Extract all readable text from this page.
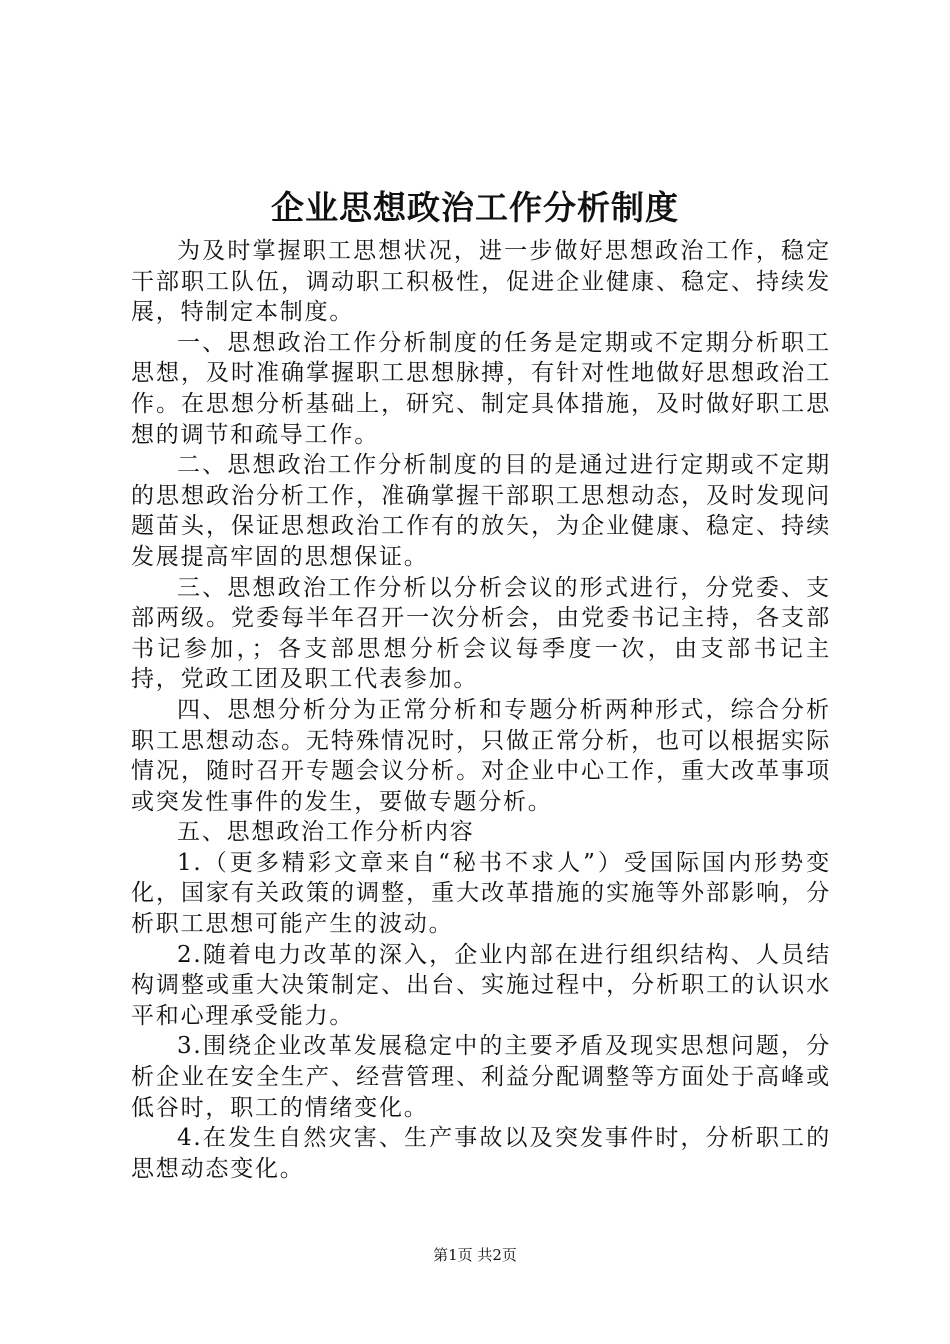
企业思想政治工作分析制度

为及时掌握职工思想状况，进一步做好思想政治工作，稳定干部职工队伍，调动职工积极性，促进企业健康、稳定、持续发展，特制定本制度。

一、思想政治工作分析制度的任务是定期或不定期分析职工思想，及时准确掌握职工思想脉搏，有针对性地做好思想政治工作。在思想分析基础上，研究、制定具体措施，及时做好职工思想的调节和疏导工作。

二、思想政治工作分析制度的目的是通过进行定期或不定期的思想政治分析工作，准确掌握干部职工思想动态，及时发现问题苗头，保证思想政治工作有的放矢，为企业健康、稳定、持续发展提高牢固的思想保证。

三、思想政治工作分析以分析会议的形式进行，分党委、支部两级。党委每半年召开一次分析会，由党委书记主持，各支部书记参加，；各支部思想分析会议每季度一次，由支部书记主持，党政工团及职工代表参加。

四、思想分析分为正常分析和专题分析两种形式，综合分析职工思想动态。无特殊情况时，只做正常分析，也可以根据实际情况，随时召开专题会议分析。对企业中心工作，重大改革事项或突发性事件的发生，要做专题分析。

五、思想政治工作分析内容

1.（更多精彩文章来自“秘书不求人”）受国际国内形势变化，国家有关政策的调整，重大改革措施的实施等外部影响，分析职工思想可能产生的波动。

2.随着电力改革的深入，企业内部在进行组织结构、人员结构调整或重大决策制定、出台、实施过程中，分析职工的认识水平和心理承受能力。

3.围绕企业改革发展稳定中的主要矛盾及现实思想问题，分析企业在安全生产、经营管理、利益分配调整等方面处于高峰或低谷时，职工的情绪变化。

4.在发生自然灾害、生产事故以及突发事件时，分析职工的思想动态变化。

第1页 共2页
